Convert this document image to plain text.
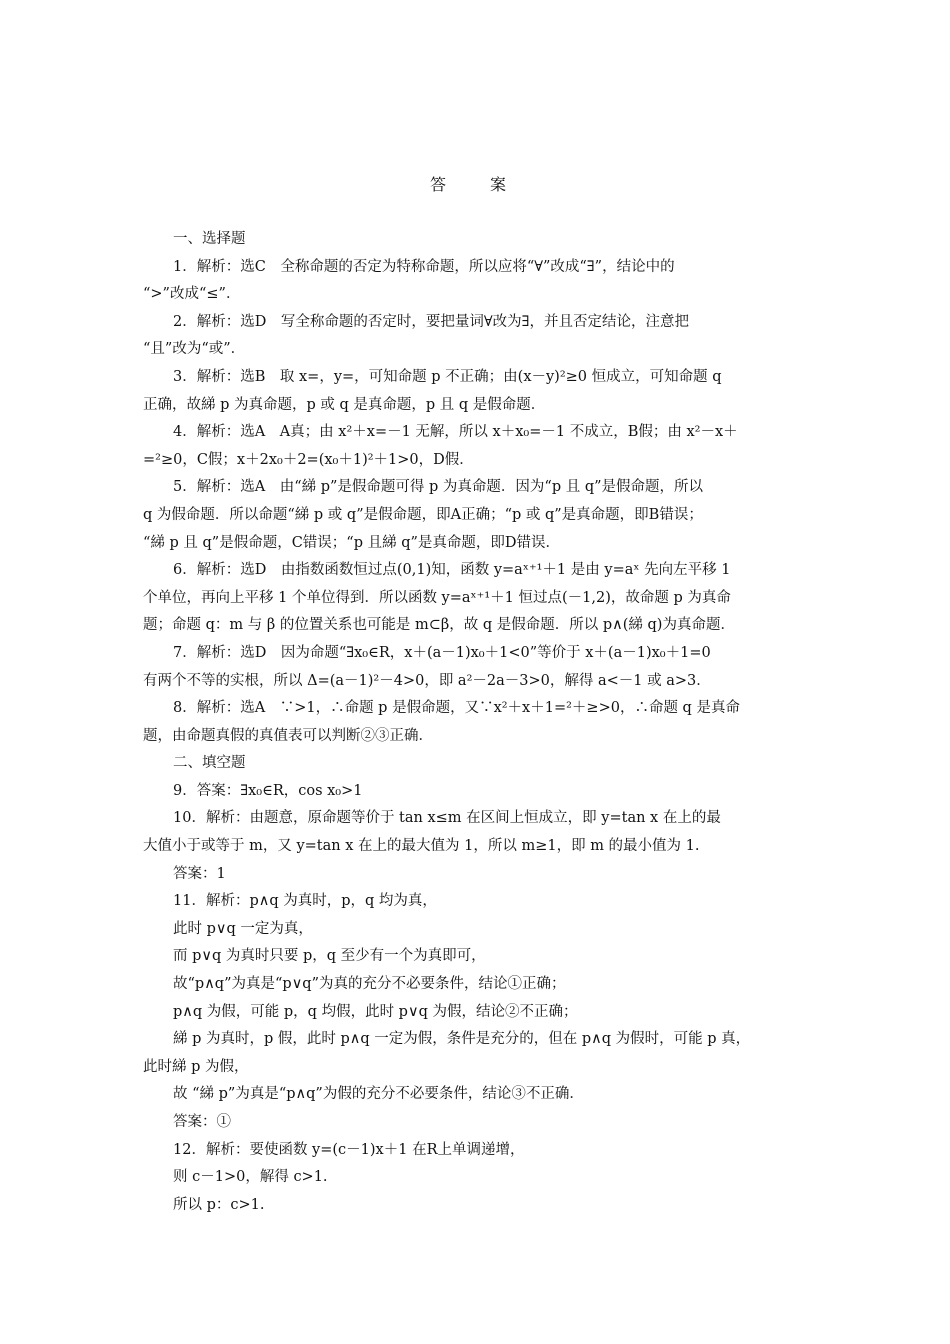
答　案
一、选择题
1．解析：选C　全称命题的否定为特称命题，所以应将“∀”改成“∃”，结论中的
“>”改成“≤”．
2．解析：选D　写全称命题的否定时，要把量词∀改为∃，并且否定结论，注意把
“且”改为“或”．
3．解析：选B　取 x=，y=，可知命题 p 不正确；由(x－y)²≥0 恒成立，可知命题 q
正确，故綈 p 为真命题，p 或 q 是真命题，p 且 q 是假命题．
4．解析：选A　A真；由 x²＋x=－1 无解，所以 x＋x₀=－1 不成立，B假；由 x²－x＋
=²≥0，C假；x＋2x₀＋2=(x₀＋1)²＋1>0，D假．
5．解析：选A　由“綈 p”是假命题可得 p 为真命题．因为“p 且 q”是假命题，所以
q 为假命题．所以命题“綈 p 或 q”是假命题，即A正确；“p 或 q”是真命题，即B错误；
“綈 p 且 q”是假命题，C错误；“p 且綈 q”是真命题，即D错误．
6．解析：选D　由指数函数恒过点(0,1)知，函数 y=aˣ⁺¹＋1 是由 y=aˣ 先向左平移 1
个单位，再向上平移 1 个单位得到．所以函数 y=aˣ⁺¹＋1 恒过点(－1,2)，故命题 p 为真命
题；命题 q：m 与 β 的位置关系也可能是 m⊂β，故 q 是假命题．所以 p∧(綈 q)为真命题．
7．解析：选D　因为命题“∃x₀∈R，x＋(a－1)x₀＋1<0”等价于 x＋(a－1)x₀＋1=0
有两个不等的实根，所以 Δ=(a－1)²－4>0，即 a²－2a－3>0，解得 a<－1 或 a>3．
8．解析：选A　∵>1，∴命题 p 是假命题，又∵x²＋x＋1=²＋≥>0，∴命题 q 是真命
题，由命题真假的真值表可以判断②③正确．
二、填空题
9．答案：∃x₀∈R，cos x₀>1
10．解析：由题意，原命题等价于 tan x≤m 在区间上恒成立，即 y=tan x 在上的最
大值小于或等于 m，又 y=tan x 在上的最大值为 1，所以 m≥1，即 m 的最小值为 1.
答案：1
11．解析：p∧q 为真时，p，q 均为真，
此时 p∨q 一定为真，
而 p∨q 为真时只要 p，q 至少有一个为真即可，
故“p∧q”为真是“p∨q”为真的充分不必要条件，结论①正确；
p∧q 为假，可能 p，q 均假，此时 p∨q 为假，结论②不正确；
綈 p 为真时，p 假，此时 p∧q 一定为假，条件是充分的，但在 p∧q 为假时，可能 p 真，
此时綈 p 为假，
故 “綈 p”为真是“p∧q”为假的充分不必要条件，结论③不正确．
答案：①
12．解析：要使函数 y=(c－1)x＋1 在R上单调递增，
则 c－1>0，解得 c>1.
所以 p：c>1.
